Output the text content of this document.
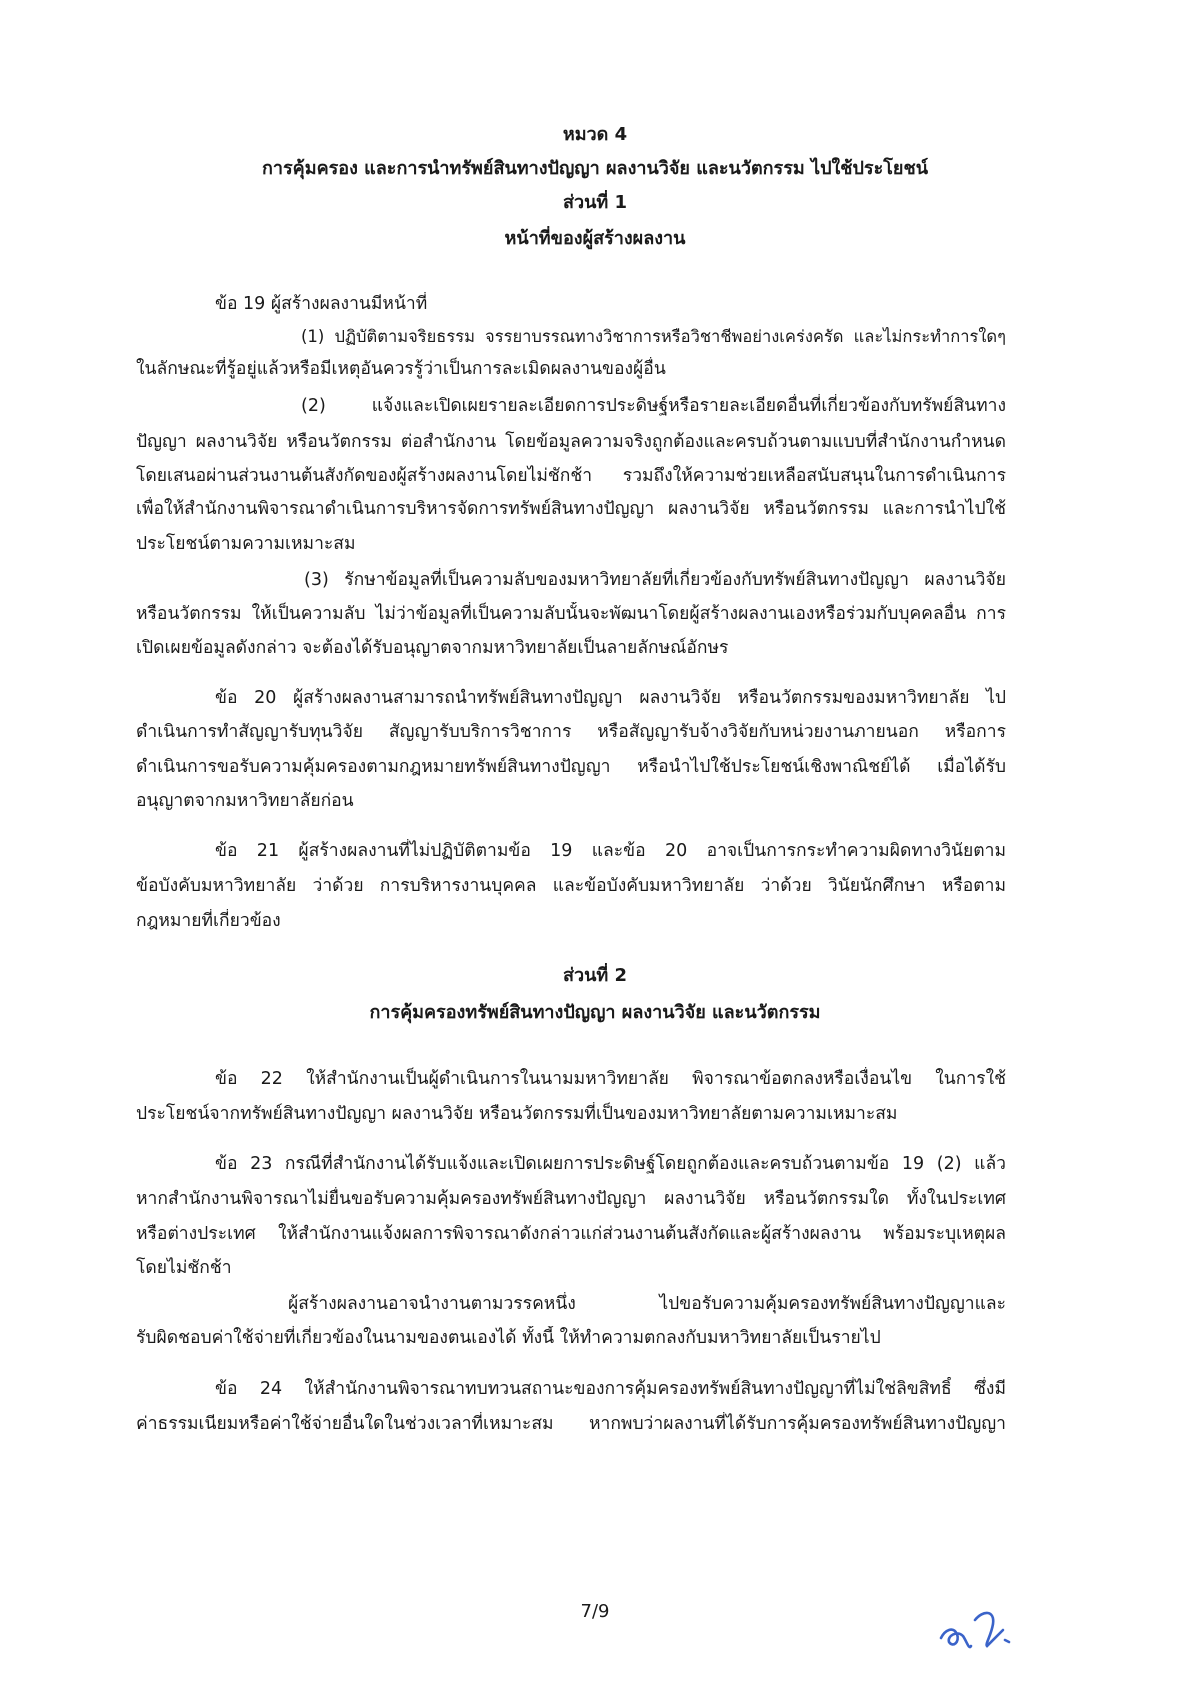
หมวด 4
การคุ้มครอง และการนำทรัพย์สินทางปัญญา ผลงานวิจัย และนวัตกรรม ไปใช้ประโยชน์
ส่วนที่ 1
หน้าที่ของผู้สร้างผลงาน
ข้อ 19 ผู้สร้างผลงานมีหน้าที่
(1) ปฏิบัติตามจริยธรรม จรรยาบรรณทางวิชาการหรือวิชาชีพอย่างเคร่งครัด และไม่กระทำการใดๆ
ในลักษณะที่รู้อยู่แล้วหรือมีเหตุอันควรรู้ว่าเป็นการละเมิดผลงานของผู้อื่น
(2) แจ้งและเปิดเผยรายละเอียดการประดิษฐ์หรือรายละเอียดอื่นที่เกี่ยวข้องกับทรัพย์สินทาง
ปัญญา ผลงานวิจัย หรือนวัตกรรม ต่อสำนักงาน โดยข้อมูลความจริงถูกต้องและครบถ้วนตามแบบที่สำนักงานกำหนด
โดยเสนอผ่านส่วนงานต้นสังกัดของผู้สร้างผลงานโดยไม่ชักช้า รวมถึงให้ความช่วยเหลือสนับสนุนในการดำเนินการ
เพื่อให้สำนักงานพิจารณาดำเนินการบริหารจัดการทรัพย์สินทางปัญญา ผลงานวิจัย หรือนวัตกรรม และการนำไปใช้
ประโยชน์ตามความเหมาะสม
(3) รักษาข้อมูลที่เป็นความลับของมหาวิทยาลัยที่เกี่ยวข้องกับทรัพย์สินทางปัญญา ผลงานวิจัย
หรือนวัตกรรม ให้เป็นความลับ ไม่ว่าข้อมูลที่เป็นความลับนั้นจะพัฒนาโดยผู้สร้างผลงานเองหรือร่วมกับบุคคลอื่น การ
เปิดเผยข้อมูลดังกล่าว จะต้องได้รับอนุญาตจากมหาวิทยาลัยเป็นลายลักษณ์อักษร
ข้อ 20 ผู้สร้างผลงานสามารถนำทรัพย์สินทางปัญญา ผลงานวิจัย หรือนวัตกรรมของมหาวิทยาลัย ไป
ดำเนินการทำสัญญารับทุนวิจัย สัญญารับบริการวิชาการ หรือสัญญารับจ้างวิจัยกับหน่วยงานภายนอก หรือการ
ดำเนินการขอรับความคุ้มครองตามกฎหมายทรัพย์สินทางปัญญา หรือนำไปใช้ประโยชน์เชิงพาณิชย์ได้ เมื่อได้รับ
อนุญาตจากมหาวิทยาลัยก่อน
ข้อ 21 ผู้สร้างผลงานที่ไม่ปฏิบัติตามข้อ 19 และข้อ 20 อาจเป็นการกระทำความผิดทางวินัยตาม
ข้อบังคับมหาวิทยาลัย ว่าด้วย การบริหารงานบุคคล และข้อบังคับมหาวิทยาลัย ว่าด้วย วินัยนักศึกษา หรือตาม
กฎหมายที่เกี่ยวข้อง
ส่วนที่ 2
การคุ้มครองทรัพย์สินทางปัญญา ผลงานวิจัย และนวัตกรรม
ข้อ 22 ให้สำนักงานเป็นผู้ดำเนินการในนามมหาวิทยาลัย พิจารณาข้อตกลงหรือเงื่อนไข ในการใช้
ประโยชน์จากทรัพย์สินทางปัญญา ผลงานวิจัย หรือนวัตกรรมที่เป็นของมหาวิทยาลัยตามความเหมาะสม
ข้อ 23 กรณีที่สำนักงานได้รับแจ้งและเปิดเผยการประดิษฐ์โดยถูกต้องและครบถ้วนตามข้อ 19 (2) แล้ว
หากสำนักงานพิจารณาไม่ยื่นขอรับความคุ้มครองทรัพย์สินทางปัญญา ผลงานวิจัย หรือนวัตกรรมใด ทั้งในประเทศ
หรือต่างประเทศ ให้สำนักงานแจ้งผลการพิจารณาดังกล่าวแก่ส่วนงานต้นสังกัดและผู้สร้างผลงาน พร้อมระบุเหตุผล
โดยไม่ชักช้า
ผู้สร้างผลงานอาจนำงานตามวรรคหนึ่ง ไปขอรับความคุ้มครองทรัพย์สินทางปัญญาและ
รับผิดชอบค่าใช้จ่ายที่เกี่ยวข้องในนามของตนเองได้ ทั้งนี้ ให้ทำความตกลงกับมหาวิทยาลัยเป็นรายไป
ข้อ 24 ให้สำนักงานพิจารณาทบทวนสถานะของการคุ้มครองทรัพย์สินทางปัญญาที่ไม่ใช่ลิขสิทธิ์ ซึ่งมี
ค่าธรรมเนียมหรือค่าใช้จ่ายอื่นใดในช่วงเวลาที่เหมาะสม หากพบว่าผลงานที่ได้รับการคุ้มครองทรัพย์สินทางปัญญา
7/9
